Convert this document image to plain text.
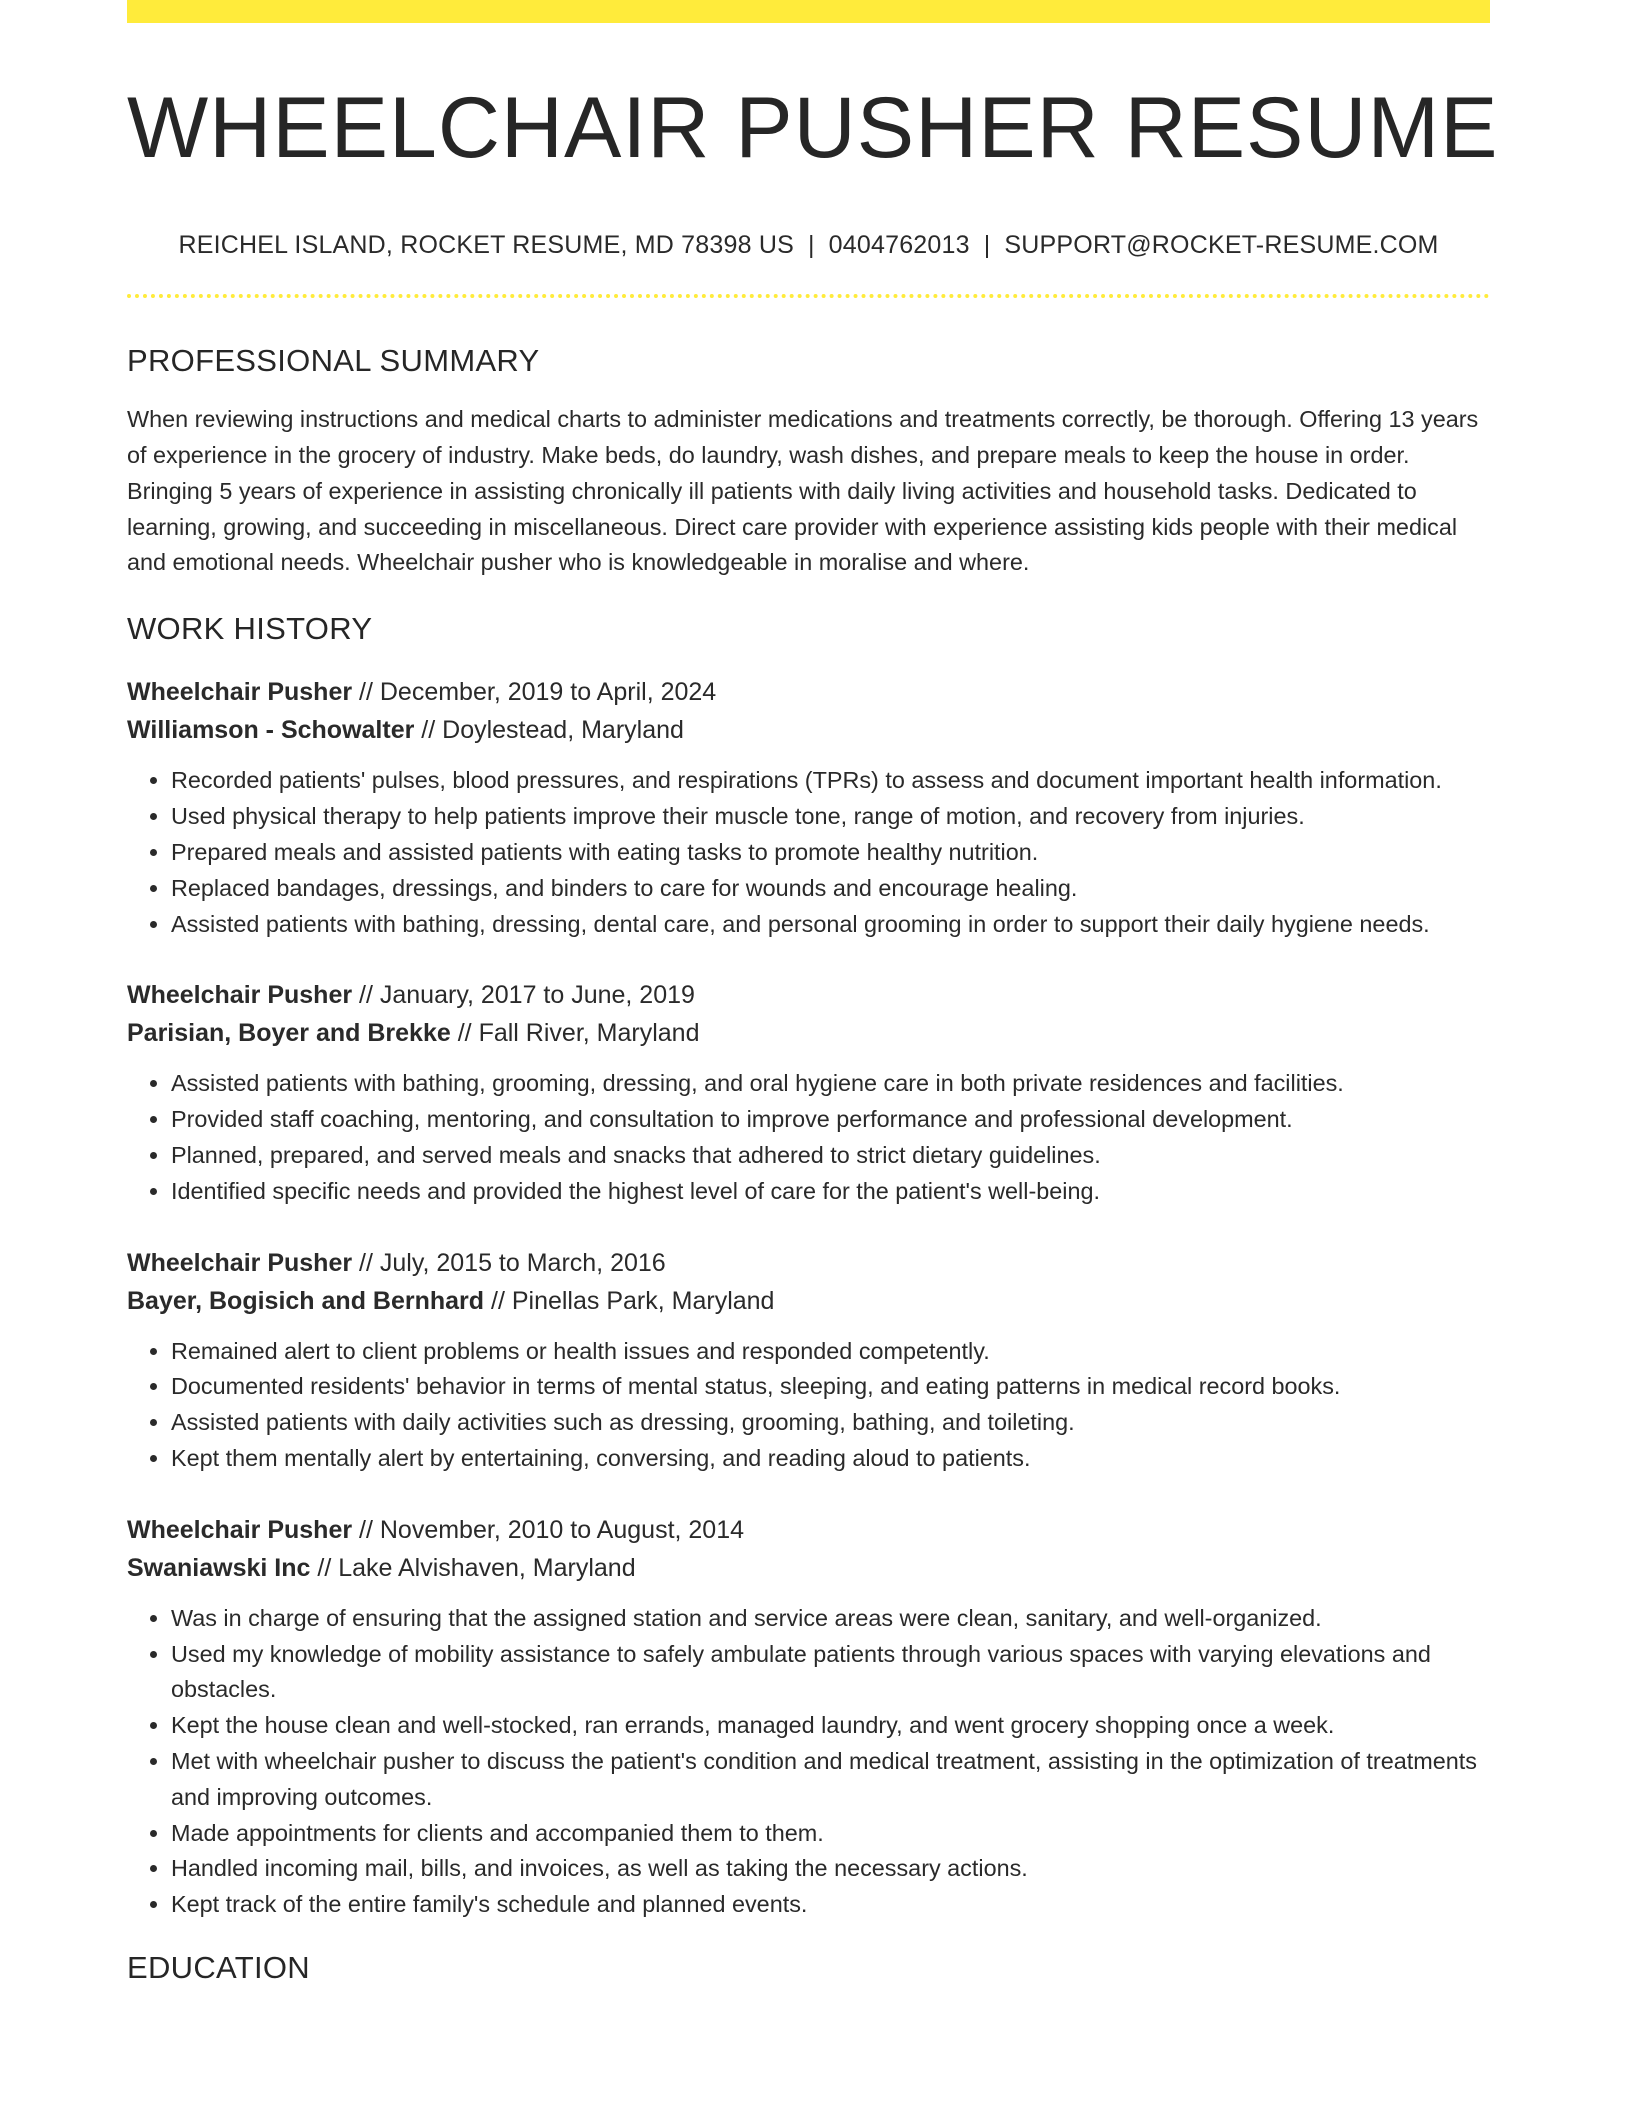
WHEELCHAIR PUSHER RESUME
REICHEL ISLAND, ROCKET RESUME, MD 78398 US | 0404762013 | SUPPORT@ROCKET-RESUME.COM
PROFESSIONAL SUMMARY

When reviewing instructions and medical charts to administer medications and treatments correctly, be thorough. Offering 13 years of experience in the grocery of industry. Make beds, do laundry, wash dishes, and prepare meals to keep the house in order. Bringing 5 years of experience in assisting chronically ill patients with daily living activities and household tasks. Dedicated to learning, growing, and succeeding in miscellaneous. Direct care provider with experience assisting kids people with their medical and emotional needs. Wheelchair pusher who is knowledgeable in moralise and where.

WORK HISTORY
Wheelchair Pusher // December, 2019 to April, 2024
Williamson - Schowalter // Doylestead, Maryland
• Recorded patients' pulses, blood pressures, and respirations (TPRs) to assess and document important health information.
• Used physical therapy to help patients improve their muscle tone, range of motion, and recovery from injuries.
• Prepared meals and assisted patients with eating tasks to promote healthy nutrition.
• Replaced bandages, dressings, and binders to care for wounds and encourage healing.
• Assisted patients with bathing, dressing, dental care, and personal grooming in order to support their daily hygiene needs.
Wheelchair Pusher // January, 2017 to June, 2019
Parisian, Boyer and Brekke // Fall River, Maryland
• Assisted patients with bathing, grooming, dressing, and oral hygiene care in both private residences and facilities.
• Provided staff coaching, mentoring, and consultation to improve performance and professional development.
• Planned, prepared, and served meals and snacks that adhered to strict dietary guidelines.
• Identified specific needs and provided the highest level of care for the patient's well-being.
Wheelchair Pusher // July, 2015 to March, 2016
Bayer, Bogisich and Bernhard // Pinellas Park, Maryland
• Remained alert to client problems or health issues and responded competently.
• Documented residents' behavior in terms of mental status, sleeping, and eating patterns in medical record books.
• Assisted patients with daily activities such as dressing, grooming, bathing, and toileting.
• Kept them mentally alert by entertaining, conversing, and reading aloud to patients.
Wheelchair Pusher // November, 2010 to August, 2014
Swaniawski Inc // Lake Alvishaven, Maryland
• Was in charge of ensuring that the assigned station and service areas were clean, sanitary, and well-organized.
• Used my knowledge of mobility assistance to safely ambulate patients through various spaces with varying elevations and obstacles.
• Kept the house clean and well-stocked, ran errands, managed laundry, and went grocery shopping once a week.
• Met with wheelchair pusher to discuss the patient's condition and medical treatment, assisting in the optimization of treatments and improving outcomes.
• Made appointments for clients and accompanied them to them.
• Handled incoming mail, bills, and invoices, as well as taking the necessary actions.
• Kept track of the entire family's schedule and planned events.
EDUCATION
